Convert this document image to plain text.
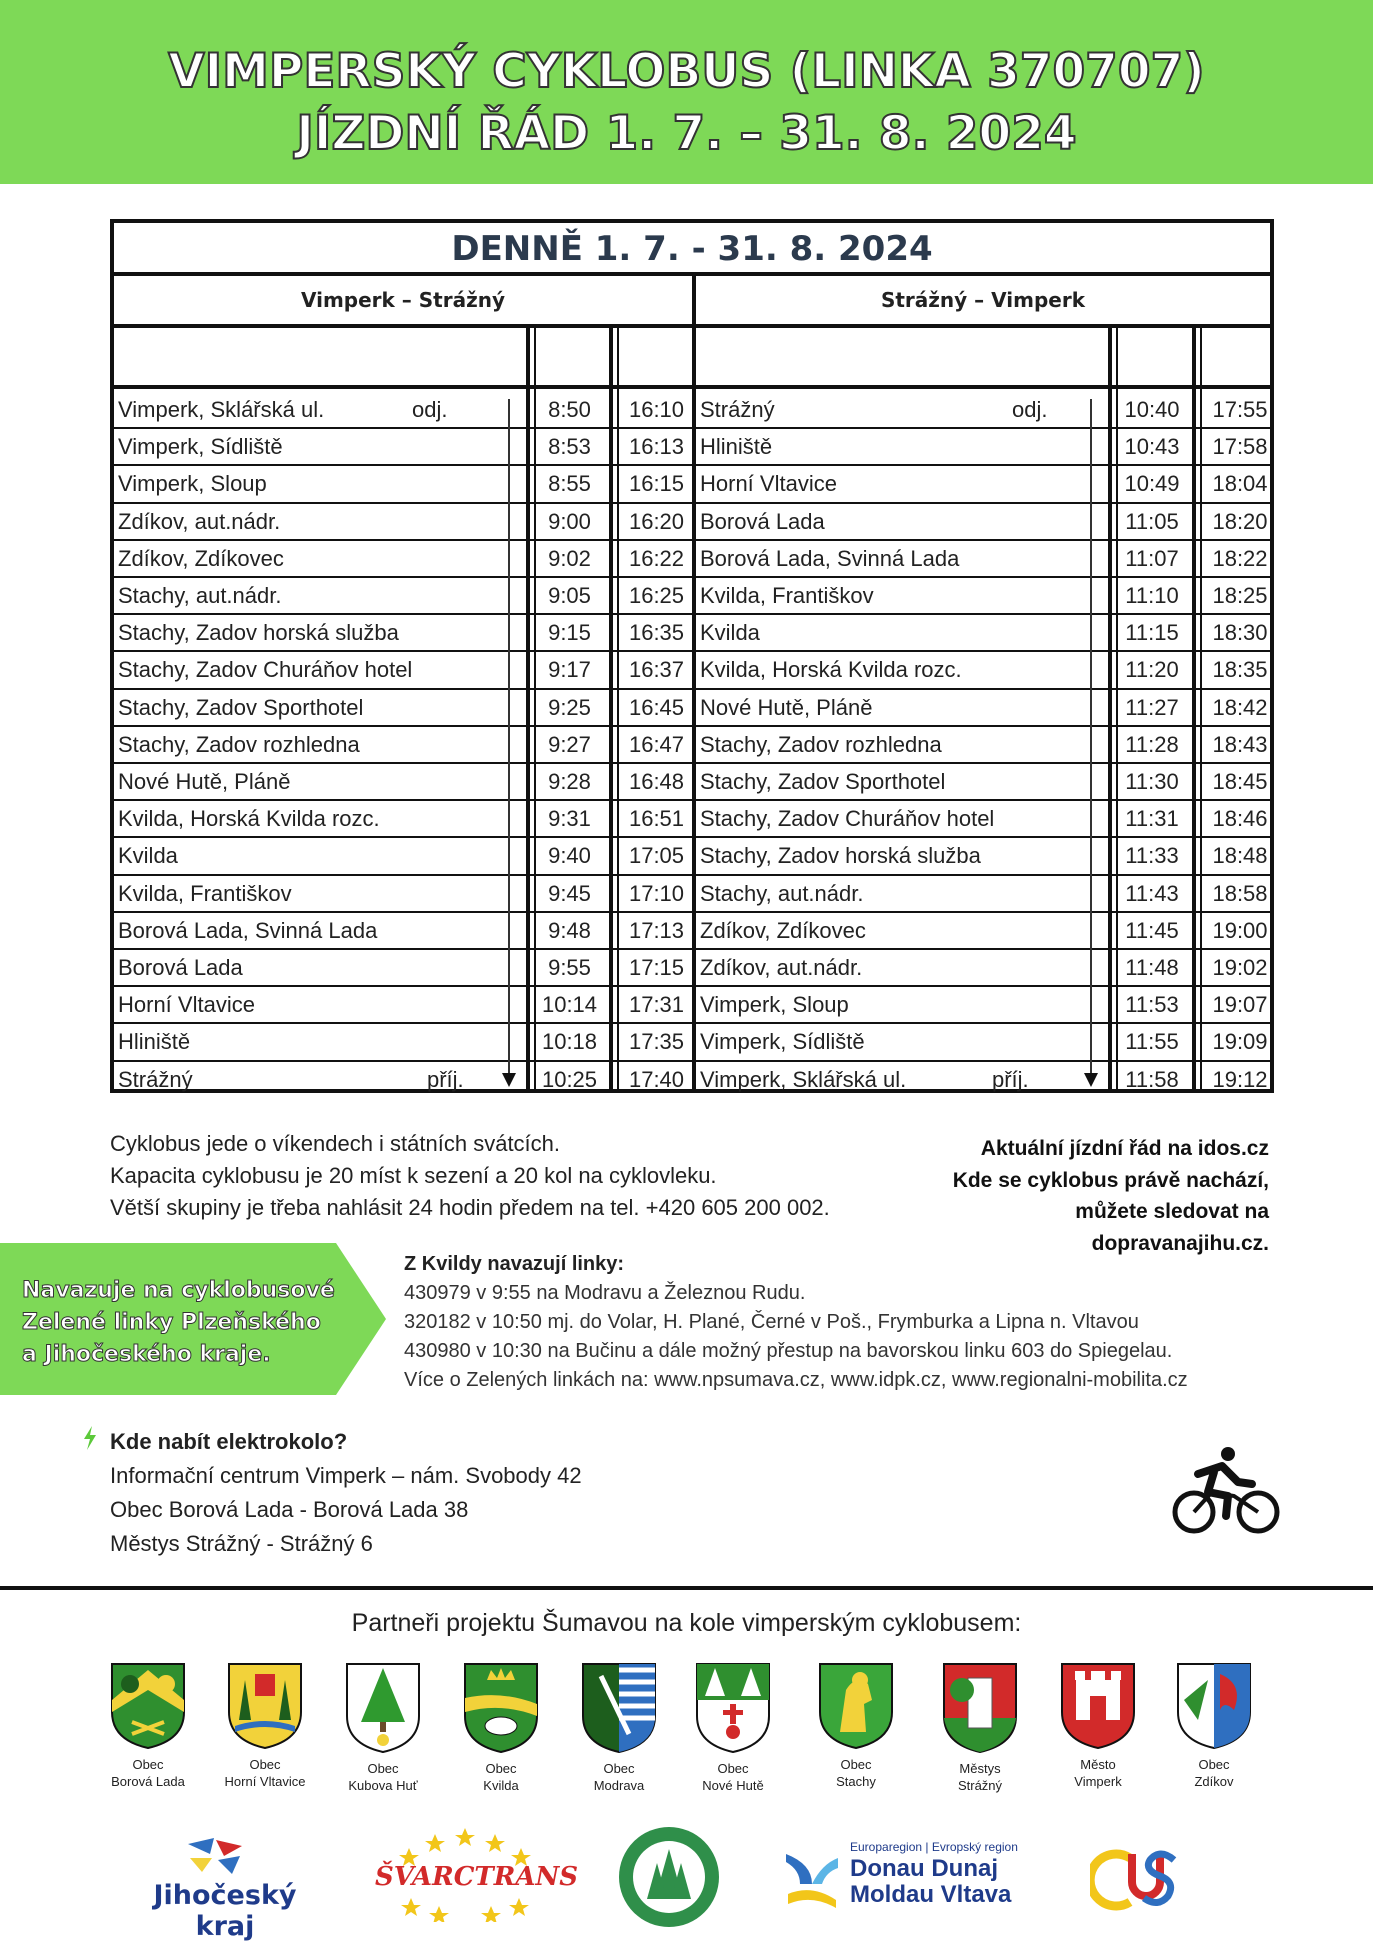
VIMPERSKÝ CYKLOBUS (LINKA 370707)
JÍZDNÍ ŘÁD 1. 7. – 31. 8. 2024
DENNĚ 1. 7. - 31. 8. 2024
Vimperk – Strážný	Strážný – Vimperk
Vimperk, Sklářská ul.	8:50	16:10
Vimperk, Sídliště	8:53	16:13
Vimperk, Sloup	8:55	16:15
Zdíkov, aut.nádr.	9:00	16:20
Zdíkov, Zdíkovec	9:02	16:22
Stachy, aut.nádr.	9:05	16:25
Stachy, Zadov horská služba	9:15	16:35
Stachy, Zadov Churáňov hotel	9:17	16:37
Stachy, Zadov Sporthotel	9:25	16:45
Stachy, Zadov rozhledna	9:27	16:47
Nové Hutě, Pláně	9:28	16:48
Kvilda, Horská Kvilda rozc.	9:31	16:51
Kvilda	9:40	17:05
Kvilda, Františkov	9:45	17:10
Borová Lada, Svinná Lada	9:48	17:13
Borová Lada	9:55	17:15
Horní Vltavice	10:14	17:31
Hliniště	10:18	17:35
Strážný	10:25	17:40
Strážný	10:40	17:55
Hliniště	10:43	17:58
Horní Vltavice	10:49	18:04
Borová Lada	11:05	18:20
Borová Lada, Svinná Lada	11:07	18:22
Kvilda, Františkov	11:10	18:25
Kvilda	11:15	18:30
Kvilda, Horská Kvilda rozc.	11:20	18:35
Nové Hutě, Pláně	11:27	18:42
Stachy, Zadov rozhledna	11:28	18:43
Stachy, Zadov Sporthotel	11:30	18:45
Stachy, Zadov Churáňov hotel	11:31	18:46
Stachy, Zadov horská služba	11:33	18:48
Stachy, aut.nádr.	11:43	18:58
Zdíkov, Zdíkovec	11:45	19:00
Zdíkov, aut.nádr.	11:48	19:02
Vimperk, Sloup	11:53	19:07
Vimperk, Sídliště	11:55	19:09
Vimperk, Sklářská ul.	11:58	19:12
odj.
příj.
odj.
příj.
Cyklobus jede o víkendech i státních svátcích.
Kapacita cyklobusu je 20 míst k sezení a 20 kol na cyklovleku.
Větší skupiny je třeba nahlásit 24 hodin předem na tel. +420 605 200 002.
Aktuální jízdní řád na idos.cz
Kde se cyklobus právě nachází,
můžete sledovat na
dopravanajihu.cz.
Navazuje na cyklobusové
Zelené linky Plzeňského
a Jihočeského kraje.
Z Kvildy navazují linky:
430979 v 9:55 na Modravu a Železnou Rudu.
320182 v 10:50 mj. do Volar, H. Plané, Černé v Poš., Frymburka a Lipna n. Vltavou
430980 v 10:30 na Bučinu a dále možný přestup na bavorskou linku 603 do Spiegelau.
Více o Zelených linkách na: www.npsumava.cz, www.idpk.cz, www.regionalni-mobilita.cz
Kde nabít elektrokolo?
Informační centrum Vimperk – nám. Svobody 42
Obec Borová Lada - Borová Lada 38
Městys Strážný - Strážný 6
Partneři projektu Šumavou na kole vimperským cyklobusem:
Obec
Borová Lada
Obec
Horní Vltavice
Obec
Kubova Huť
Obec
Kvilda
Obec
Modrava
Obec
Nové Hutě
Obec
Stachy
Městys
Strážný
Město
Vimperk
Obec
Zdíkov
Jihočeský kraj
ŠVARCTRANS
Europaregion | Evropský region
Donau Dunaj
Moldau Vltava
